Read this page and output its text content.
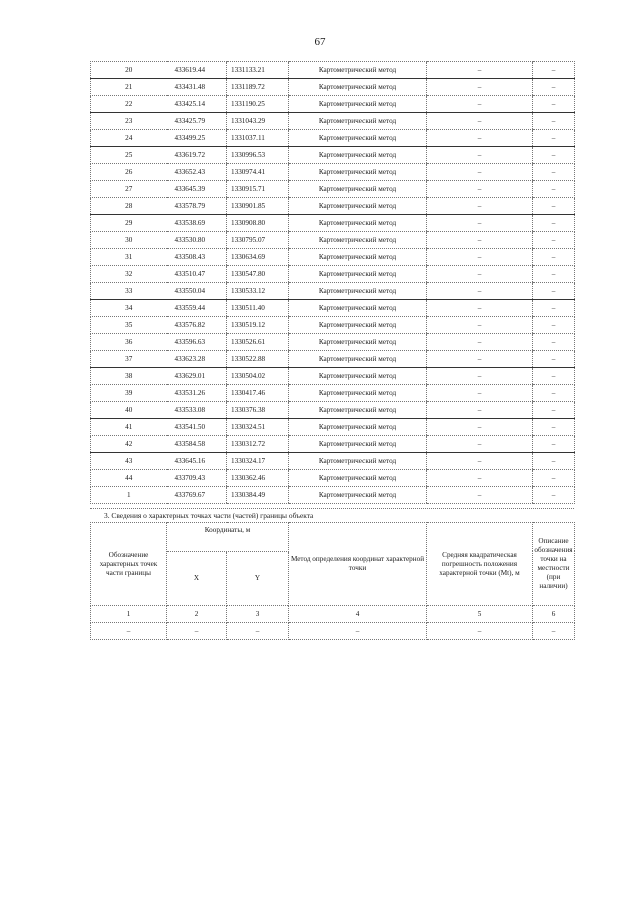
67
20	433619.44	1331133.21	Картометрический метод	–	–
21	433431.48	1331189.72	Картометрический метод	–	–
22	433425.14	1331190.25	Картометрический метод	–	–
23	433425.79	1331043.29	Картометрический метод	–	–
24	433499.25	1331037.11	Картометрический метод	–	–
25	433619.72	1330996.53	Картометрический метод	–	–
26	433652.43	1330974.41	Картометрический метод	–	–
27	433645.39	1330915.71	Картометрический метод	–	–
28	433578.79	1330901.85	Картометрический метод	–	–
29	433538.69	1330908.80	Картометрический метод	–	–
30	433530.80	1330795.07	Картометрический метод	–	–
31	433508.43	1330634.69	Картометрический метод	–	–
32	433510.47	1330547.80	Картометрический метод	–	–
33	433550.04	1330533.12	Картометрический метод	–	–
34	433559.44	1330511.40	Картометрический метод	–	–
35	433576.82	1330519.12	Картометрический метод	–	–
36	433596.63	1330526.61	Картометрический метод	–	–
37	433623.28	1330522.88	Картометрический метод	–	–
38	433629.01	1330504.02	Картометрический метод	–	–
39	433531.26	1330417.46	Картометрический метод	–	–
40	433533.08	1330376.38	Картометрический метод	–	–
41	433541.50	1330324.51	Картометрический метод	–	–
42	433584.58	1330312.72	Картометрический метод	–	–
43	433645.16	1330324.17	Картометрический метод	–	–
44	433709.43	1330362.46	Картометрический метод	–	–
1	433769.67	1330384.49	Картометрический метод	–	–
3. Сведения о характерных точках части (частей) границы объекта
Обозначение характерных точек части границы	Координаты, м		Метод определения координат характерной точки	Средняя квадратическая погрешность положения характерной точки (Mt), м	Описание обозначения точки на местности (при наличии)
	X	Y			
1	2	3	4	5	6
–	–	–	–	–	–
